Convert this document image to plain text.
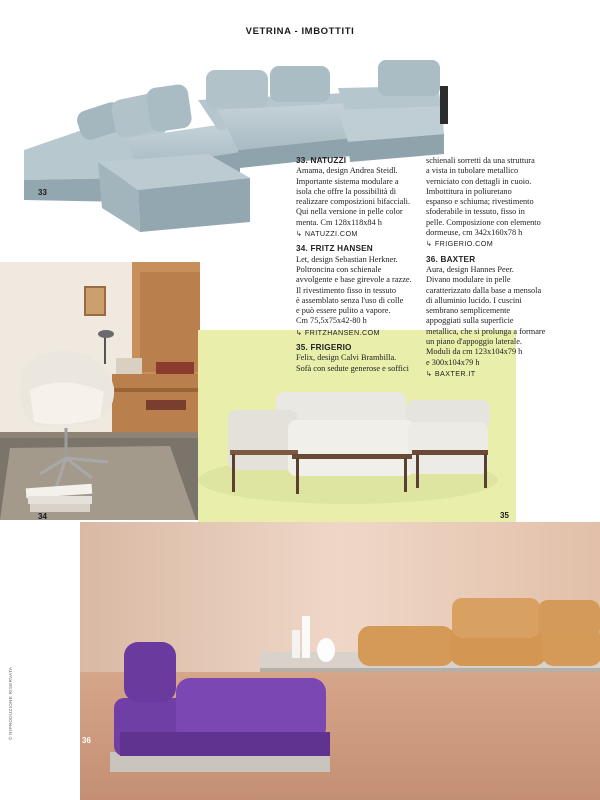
VETRINA - IMBOTTITI
33
34	35
36
33. NATUZZI

Amama, design Andrea Steidl.

Importante sistema modulare a

isola che offre la possibilità di

realizzare composizioni bifacciali.

Qui nella versione in pelle color

menta. Cm 128x118x84 h

↳ NATUZZI.COM
34. FRITZ HANSEN

Let, design Sebastian Herkner.

Poltroncina con schienale

avvolgente e base girevole a razze.

Il rivestimento fisso in tessuto

è assemblato senza l'uso di colle

e può essere pulito a vapore.

Cm 75,5x75x42-80 h

↳ FRITZHANSEN.COM
35. FRIGERIO

Felix, design Calvi Brambilla.

Sofà con sedute generose e soffici

schienali sorretti da una struttura

a vista in tubolare metallico

verniciato con dettagli in cuoio.

Imbottitura in poliuretano

espanso e schiuma; rivestimento

sfoderabile in tessuto, fisso in

pelle. Composizione con elemento

dormeuse, cm 342x160x78 h

↳ FRIGERIO.COM
36. BAXTER

Aura, design Hannes Peer.

Divano modulare in pelle

caratterizzato dalla base a mensola

di alluminio lucido. I cuscini

sembrano semplicemente

appoggiati sulla superficie

metallica, che si prolunga a formare

un piano d'appoggio laterale.

Moduli da cm 123x104x79 h

e 300x104x79 h

↳ BAXTER.IT
© RIPRODUZIONE RISERVATA
